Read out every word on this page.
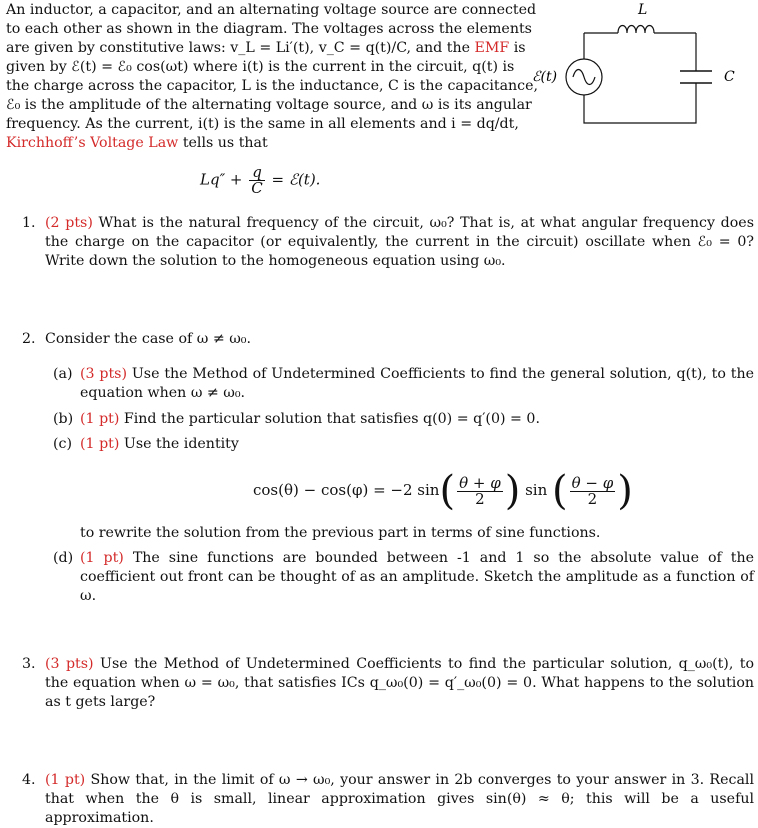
An inductor, a capacitor, and an alternating voltage source are connected
to each other as shown in the diagram. The voltages across the elements
are given by constitutive laws: v_L = Li′(t), v_C = q(t)/C, and the EMF is
given by ℰ(t) = ℰ₀ cos(ωt) where i(t) is the current in the circuit, q(t) is
the charge across the capacitor, L is the inductance, C is the capacitance,
ℰ₀ is the amplitude of the alternating voltage source, and ω is its angular
frequency. As the current, i(t) is the same in all elements and i = dq/dt,
Kirchhoff’s Voltage Law tells us that
L
ℰ(t)	C
$Lq'' + \frac{q}{C}$ = ℰ(t).
1. (2 pts) What is the natural frequency of the circuit, ω₀? That is, at what angular frequency does the charge on the capacitor (or equivalently, the current in the circuit) oscillate when ℰ₀ = 0? Write down the solution to the homogeneous equation using ω₀.
2. Consider the case of ω ≠ ω₀.
(a) (3 pts) Use the Method of Undetermined Coefficients to find the general solution, q(t), to the equation when ω ≠ ω₀.
(b) (1 pt) Find the particular solution that satisfies q(0) = q′(0) = 0.
(c) (1 pt) Use the identity
cos(θ) − cos(φ) = −2 $\sin( \frac{\theta + \varphi}{2}$ ) sin ( $\frac{\theta - \varphi}{2}$ )
to rewrite the solution from the previous part in terms of sine functions.
(d) (1 pt) The sine functions are bounded between -1 and 1 so the absolute value of the coefficient out front can be thought of as an amplitude. Sketch the amplitude as a function of ω.
3. (3 pts) Use the Method of Undetermined Coefficients to find the particular solution, q_ω₀(t), to the equation when ω = ω₀, that satisfies ICs q_ω₀(0) = q′_ω₀(0) = 0. What happens to the solution as t gets large?
4. (1 pt) Show that, in the limit of ω → ω₀, your answer in 2b converges to your answer in 3. Recall that when the θ is small, linear approximation gives sin(θ) ≈ θ; this will be a useful approximation.
